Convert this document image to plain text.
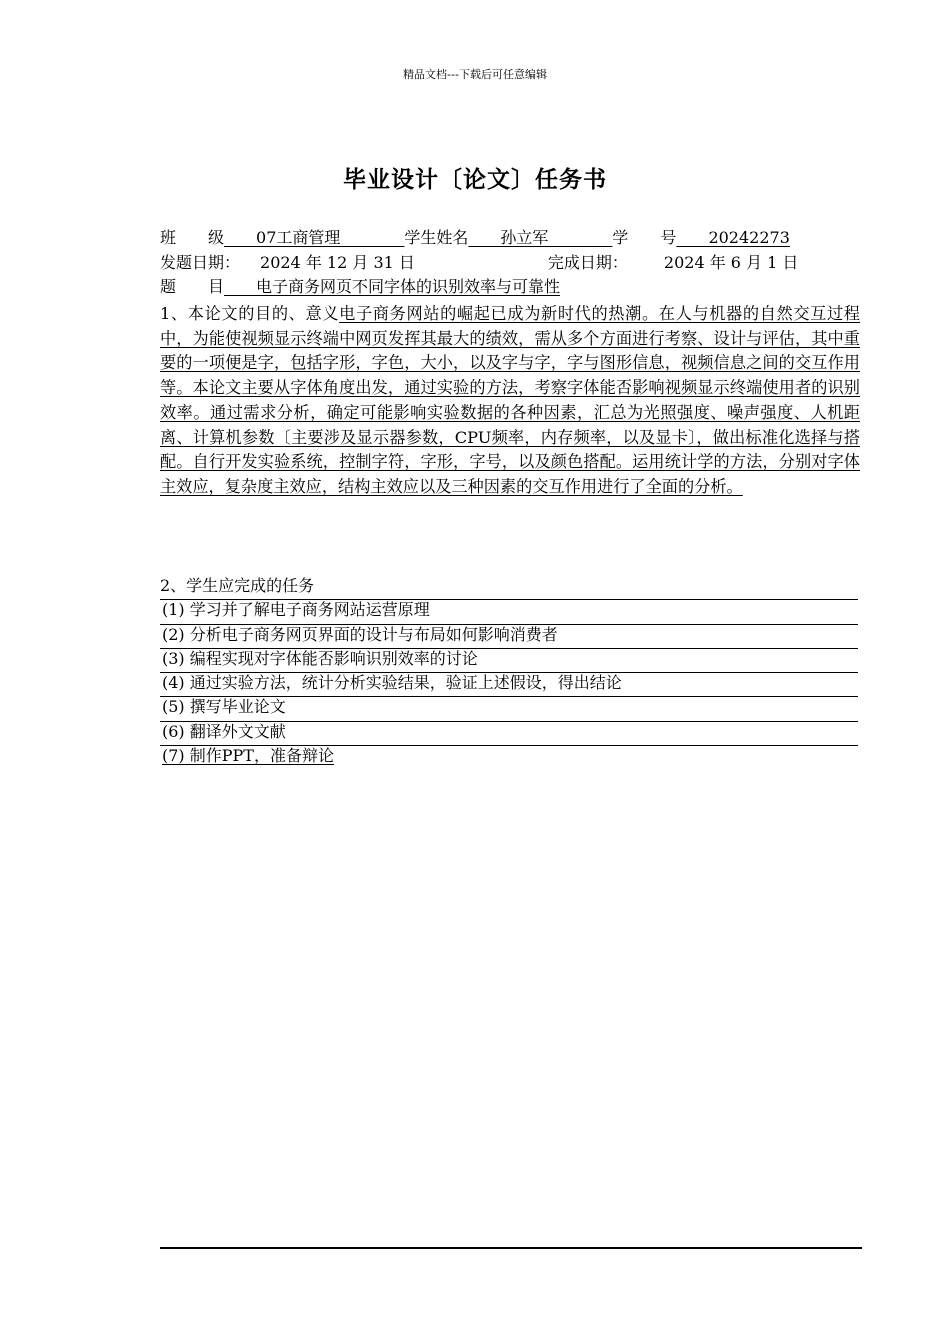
精品文档---下载后可任意编辑
毕业设计〔论文〕任务书
班　　级　　07工商管理　　　　学生姓名　　孙立军　　　　学　　号　　20242273
发题日期： 2024 年 12 月 31 日	完成日期： 2024 年 6 月 1 日
题　　目　　电子商务网页不同字体的识别效率与可靠性
1、本论文的目的、意义电子商务网站的崛起已成为新时代的热潮。在人与机器的自然交互过程中，为能使视频显示终端中网页发挥其最大的绩效，需从多个方面进行考察、设计与评估，其中重要的一项便是字，包括字形，字色，大小，以及字与字，字与图形信息，视频信息之间的交互作用等。本论文主要从字体角度出发，通过实验的方法，考察字体能否影响视频显示终端使用者的识别效率。通过需求分析，确定可能影响实验数据的各种因素，汇总为光照强度、噪声强度、人机距离、计算机参数〔主要涉及显示器参数，CPU频率，内存频率，以及显卡〕，做出标准化选择与搭配。自行开发实验系统，控制字符，字形，字号，以及颜色搭配。运用统计学的方法，分别对字体主效应，复杂度主效应，结构主效应以及三种因素的交互作用进行了全面的分析。
2、学生应完成的任务
(1) 学习并了解电子商务网站运营原理
(2) 分析电子商务网页界面的设计与布局如何影响消费者
(3) 编程实现对字体能否影响识别效率的讨论
(4) 通过实验方法，统计分析实验结果，验证上述假设，得出结论
(5) 撰写毕业论文
(6) 翻译外文文献
(7) 制作PPT，准备辩论
